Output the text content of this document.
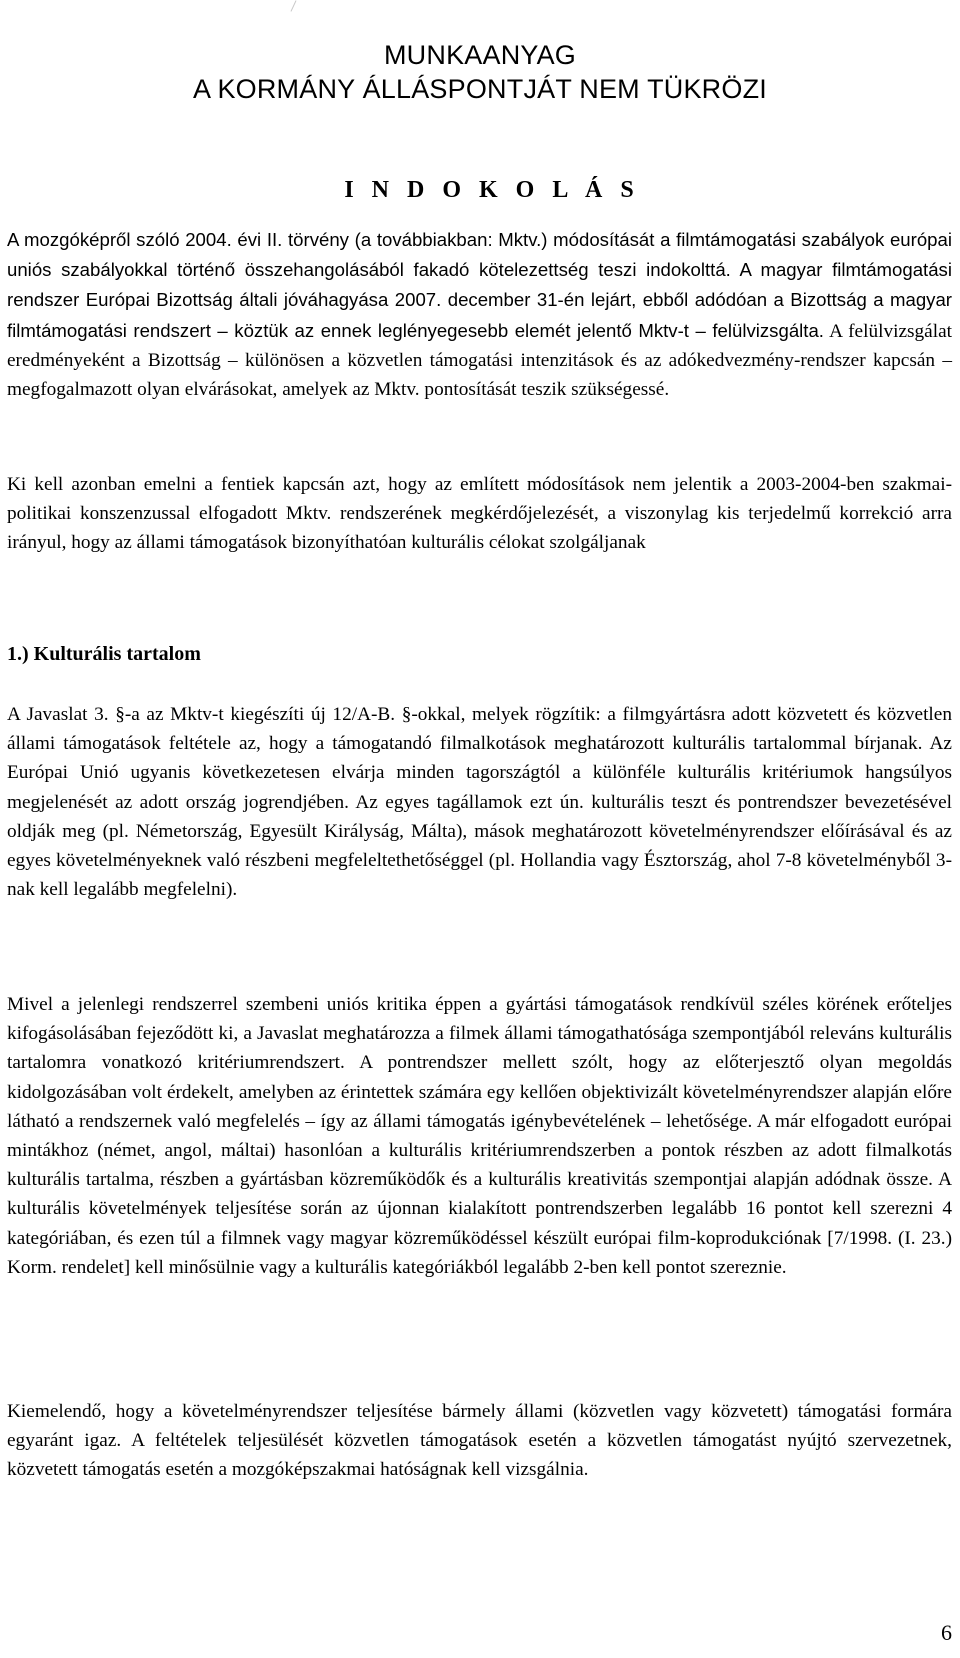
MUNKAANYAG
A KORMÁNY ÁLLÁSPONTJÁT NEM TÜKRÖZI
I N D O K O L Á S

A mozgóképről szóló 2004. évi II. törvény (a továbbiakban: Mktv.) módosítását a filmtámogatási szabályok európai uniós szabályokkal történő összehangolásából fakadó kötelezettség teszi indokolttá. A magyar filmtámogatási rendszer Európai Bizottság általi jóváhagyása 2007. december 31-én lejárt, ebből adódóan a Bizottság a magyar filmtámogatási rendszert – köztük az ennek leglényegesebb elemét jelentő Mktv-t – felülvizsgálta. A felülvizsgálat eredményeként a Bizottság – különösen a közvetlen támogatási intenzitások és az adókedvezmény-rendszer kapcsán – megfogalmazott olyan elvárásokat, amelyek az Mktv. pontosítását teszik szükségessé.

Ki kell azonban emelni a fentiek kapcsán azt, hogy az említett módosítások nem jelentik a 2003-2004-ben szakmai-politikai konszenzussal elfogadott Mktv. rendszerének megkérdőjelezését, a viszonylag kis terjedelmű korrekció arra irányul, hogy az állami támogatások bizonyíthatóan kulturális célokat szolgáljanak

1.) Kulturális tartalom

A Javaslat 3. §-a az Mktv-t kiegészíti új 12/A-B. §-okkal, melyek rögzítik: a filmgyártásra adott közvetett és közvetlen állami támogatások feltétele az, hogy a támogatandó filmalkotások meghatározott kulturális tartalommal bírjanak. Az Európai Unió ugyanis következetesen elvárja minden tagországtól a különféle kulturális kritériumok hangsúlyos megjelenését az adott ország jogrendjében. Az egyes tagállamok ezt ún. kulturális teszt és pontrendszer bevezetésével oldják meg (pl. Németország, Egyesült Királyság, Málta), mások meghatározott követelményrendszer előírásával és az egyes követelményeknek való részbeni megfeleltethetőséggel (pl. Hollandia vagy Észtország, ahol 7-8 követelményből 3-nak kell legalább megfelelni).

Mivel a jelenlegi rendszerrel szembeni uniós kritika éppen a gyártási támogatások rendkívül széles körének erőteljes kifogásolásában fejeződött ki, a Javaslat meghatározza a filmek állami támogathatósága szempontjából releváns kulturális tartalomra vonatkozó kritériumrendszert. A pontrendszer mellett szólt, hogy az előterjesztő olyan megoldás kidolgozásában volt érdekelt, amelyben az érintettek számára egy kellően objektivizált követelményrendszer alapján előre látható a rendszernek való megfelelés – így az állami támogatás igénybevételének – lehetősége. A már elfogadott európai mintákhoz (német, angol, máltai) hasonlóan a kulturális kritériumrendszerben a pontok részben az adott filmalkotás kulturális tartalma, részben a gyártásban közreműködők és a kulturális kreativitás szempontjai alapján adódnak össze. A kulturális követelmények teljesítése során az újonnan kialakított pontrendszerben legalább 16 pontot kell szerezni 4 kategóriában, és ezen túl a filmnek vagy magyar közreműködéssel készült európai film-koprodukciónak [7/1998. (I. 23.) Korm. rendelet] kell minősülnie vagy a kulturális kategóriákból legalább 2-ben kell pontot szereznie.

Kiemelendő, hogy a követelményrendszer teljesítése bármely állami (közvetlen vagy közvetett) támogatási formára egyaránt igaz. A feltételek teljesülését közvetlen támogatások esetén a közvetlen támogatást nyújtó szervezetnek, közvetett támogatás esetén a mozgóképszakmai hatóságnak kell vizsgálnia.

6
